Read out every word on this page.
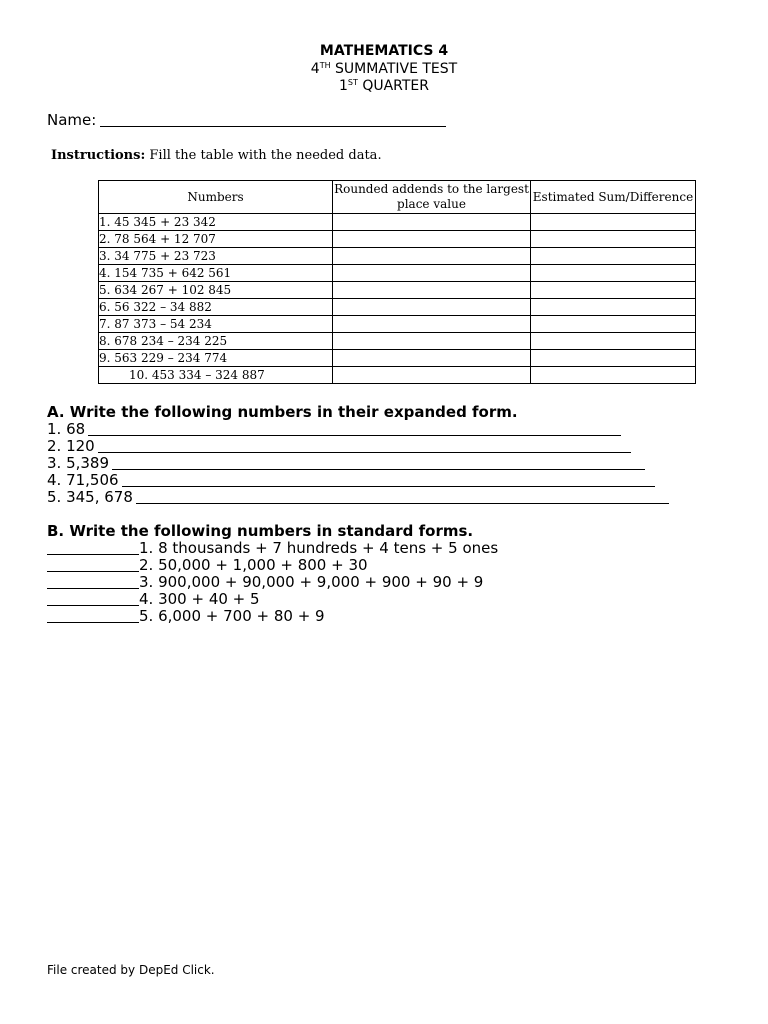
MATHEMATICS 4
4TH SUMMATIVE TEST
1ST QUARTER
Name:
Instructions: Fill the table with the needed data.
Numbers	Rounded addends to the largest place value	Estimated Sum/Difference
1. 45 345 + 23 342		
2. 78 564 + 12 707		
3. 34 775 + 23 723		
4. 154 735 + 642 561		
5. 634 267 + 102 845		
6. 56 322 – 34 882		
7. 87 373 – 54 234		
8. 678 234 – 234 225		
9. 563 229 – 234 774		
10. 453 334 – 324 887		
A. Write the following numbers in their expanded form.
1. 68
2. 120
3. 5,389
4. 71,506
5. 345, 678
B. Write the following numbers in standard forms.
1. 8 thousands + 7 hundreds + 4 tens + 5 ones
2. 50,000 + 1,000 + 800 + 30
3. 900,000 + 90,000 + 9,000 + 900 + 90 + 9
4. 300 + 40 + 5
5. 6,000 + 700 + 80 + 9
File created by DepEd Click.
